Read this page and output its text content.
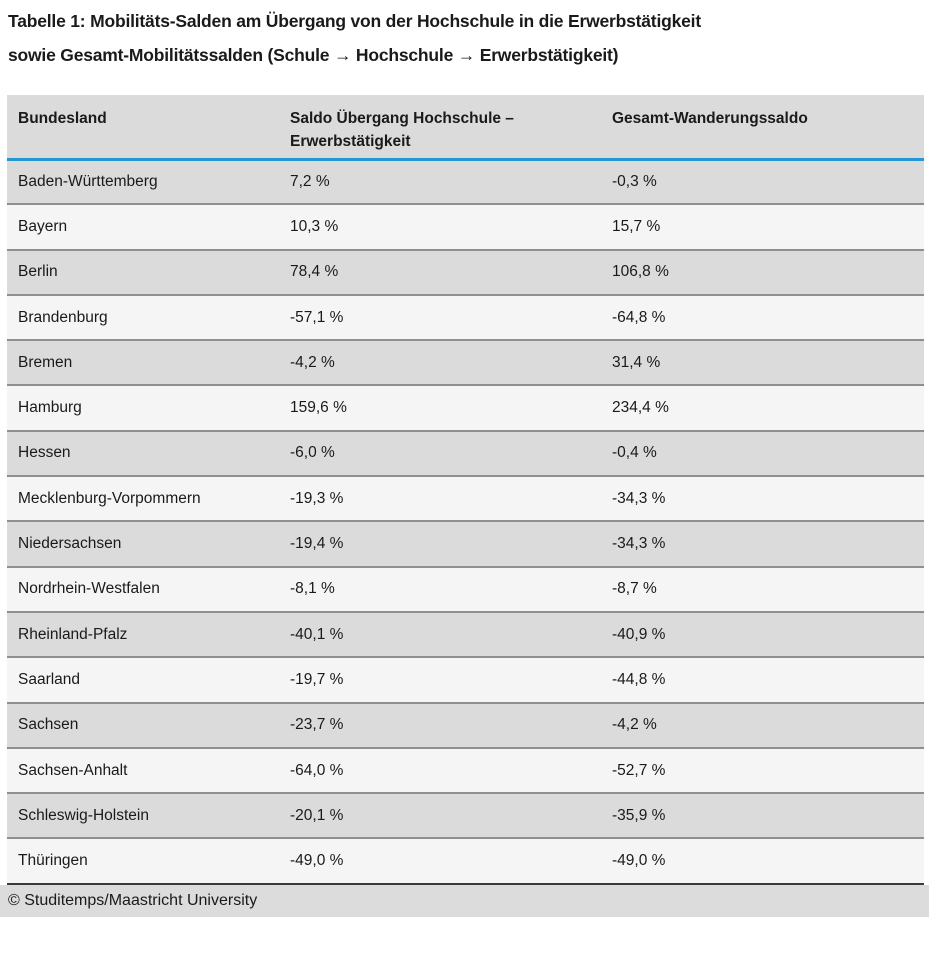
Tabelle 1: Mobilitäts-Salden am Übergang von der Hochschule in die Erwerbstätigkeit
sowie Gesamt-Mobilitätssalden (Schule → Hochschule → Erwerbstätigkeit)
Bundesland	Saldo Übergang Hochschule – Erwerbstätigkeit	Gesamt-Wanderungssaldo
Baden-Württemberg	7,2 %	-0,3 %
Bayern	10,3 %	15,7 %
Berlin	78,4 %	106,8 %
Brandenburg	-57,1 %	-64,8 %
Bremen	-4,2 %	31,4 %
Hamburg	159,6 %	234,4 %
Hessen	-6,0 %	-0,4 %
Mecklenburg-Vorpommern	-19,3 %	-34,3 %
Niedersachsen	-19,4 %	-34,3 %
Nordrhein-Westfalen	-8,1 %	-8,7 %
Rheinland-Pfalz	-40,1 %	-40,9 %
Saarland	-19,7 %	-44,8 %
Sachsen	-23,7 %	-4,2 %
Sachsen-Anhalt	-64,0 %	-52,7 %
Schleswig-Holstein	-20,1 %	-35,9 %
Thüringen	-49,0 %	-49,0 %
© Studitemps/Maastricht University
